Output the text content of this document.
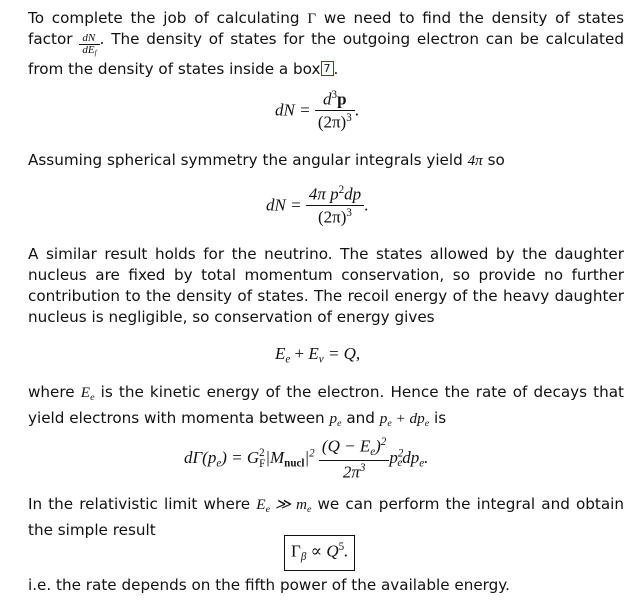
To complete the job of calculating Γ we need to find the density of states factor $\frac{dN}{dE_f}$ . The density of states for the outgoing electron can be calculated from the density of states inside a box 7 .
dN = $\frac{d^3p}{(2\pi)^3}$ .
Assuming spherical symmetry the angular integrals yield 4π so
dN = $\frac{4\pi p^2dp}{(2\pi)^3}$ .
A similar result holds for the neutrino. The states allowed by the daughter nucleus are fixed by total momentum conservation, so provide no further contribution to the density of states. The recoil energy of the heavy daughter nucleus is negligible, so conservation of energy gives
$E_e + E_\nu = Q$,
where $E_e$ is the kinetic energy of the electron. Hence the rate of decays that yield electrons with momenta between $p_e$ and $p_e + dp_e$ is
$d\Gamma(p_e) = G$ 2
F $|M_{nucl}|^2 \frac{(Q - E_e)^2}{2\pi^3} p^2_edp_e$.
In the relativistic limit where $E_e$ ≫ $m_e$ we can perform the integral and obtain the simple result
$\Gamma_\beta \propto Q^5$.
i.e. the rate depends on the fifth power of the available energy.
